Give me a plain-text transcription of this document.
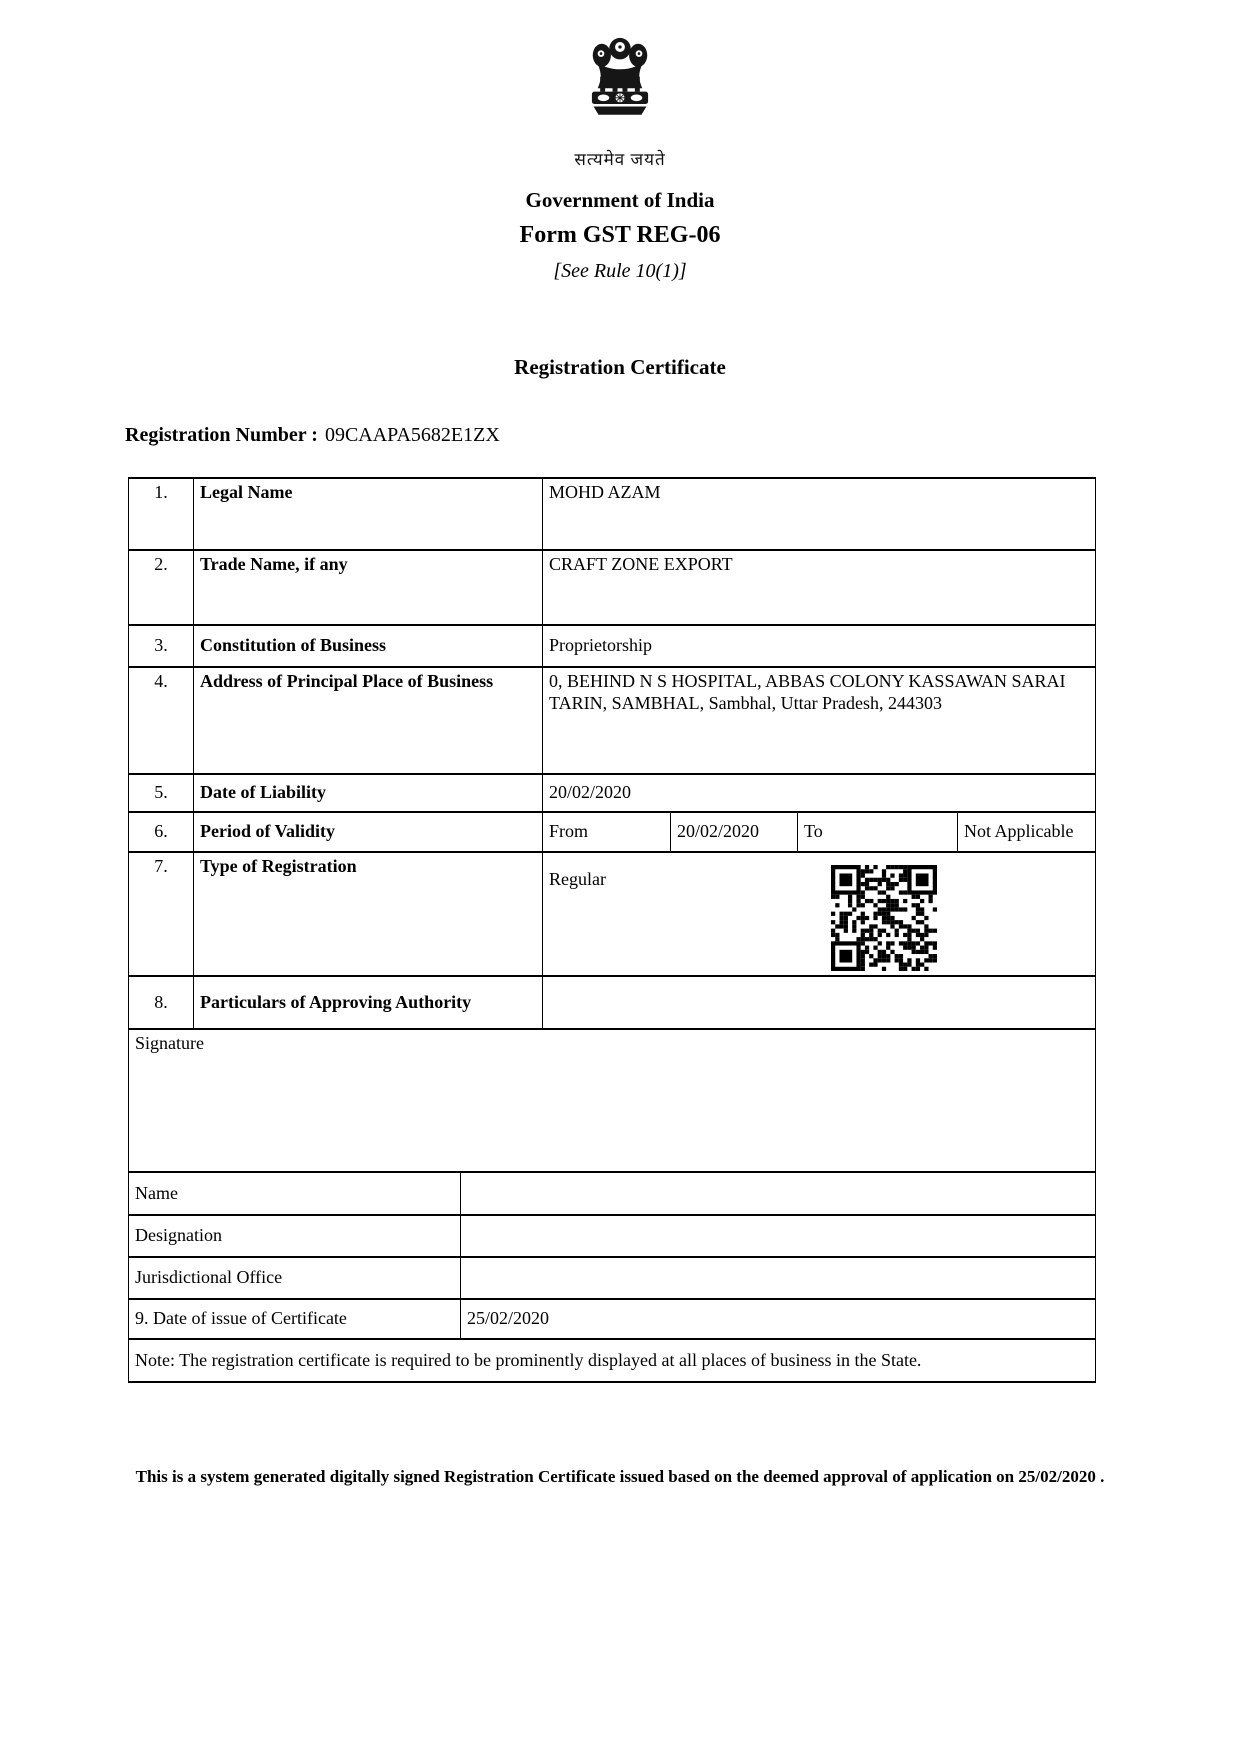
सत्यमेव जयते
Government of India
Form GST REG-06
[See Rule 10(1)]
Registration Certificate
Registration Number : 09CAAPA5682E1ZX
1.	Legal Name		MOHD AZAM			
2.	Trade Name, if any		CRAFT ZONE EXPORT			
3.	Constitution of Business		Proprietorship			
4.	Address of Principal Place of Business		0, BEHIND N S HOSPITAL, ABBAS COLONY KASSAWAN SARAI TARIN, SAMBHAL, Sambhal, Uttar Pradesh, 244303			
5.	Date of Liability		20/02/2020			
6.	Period of Validity		From	20/02/2020	To	Not Applicable
7.	Type of Registration		Regular			

8.	Particulars of Approving Authority					
Signature						
Name						
Designation						
Jurisdictional Office						
9. Date of issue of Certificate		25/02/2020				
Note: The registration certificate is required to be prominently displayed at all places of business in the State.						
This is a system generated digitally signed Registration Certificate issued based on the deemed approval of application on 25/02/2020 .
